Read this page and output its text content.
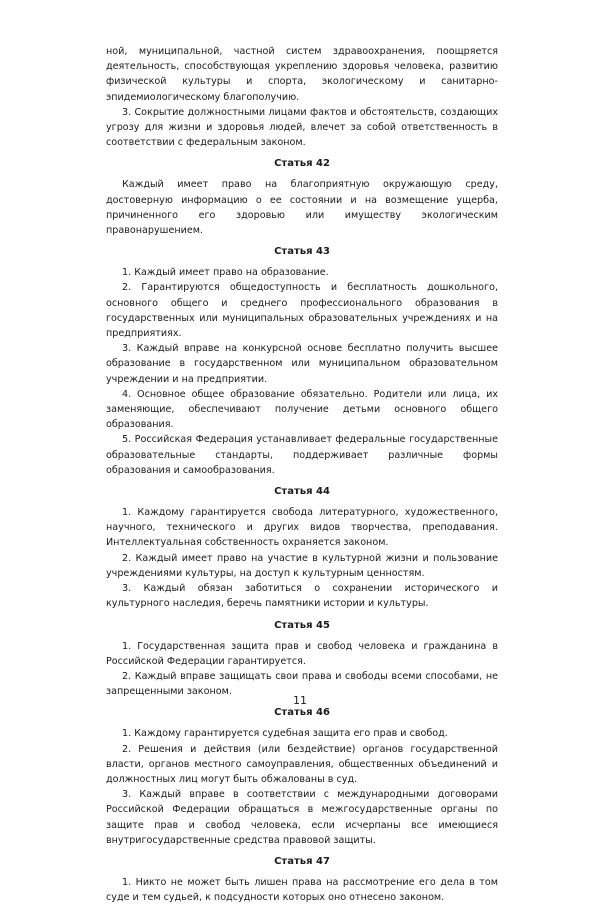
ной, муниципальной, частной систем здравоохранения, поощряется деятельность, способствующая укреплению здоровья человека, развитию физической культуры и спорта, экологическому и санитарно-эпидемиологическому благополучию.

3. Сокрытие должностными лицами фактов и обстоятельств, создающих угрозу для жизни и здоровья людей, влечет за собой ответственность в соответствии с федеральным законом.

Статья 42

Каждый имеет право на благоприятную окружающую среду, достоверную информацию о ее состоянии и на возмещение ущерба, причиненного его здоровью или имуществу экологическим правонарушением.

Статья 43

1. Каждый имеет право на образование.

2. Гарантируются общедоступность и бесплатность дошкольного, основного общего и среднего профессионального образования в государственных или муниципальных образовательных учреждениях и на предприятиях.

3. Каждый вправе на конкурсной основе бесплатно получить высшее образование в государственном или муниципальном образовательном учреждении и на предприятии.

4. Основное общее образование обязательно. Родители или лица, их заменяющие, обеспечивают получение детьми основного общего образования.

5. Российская Федерация устанавливает федеральные государственные образовательные стандарты, поддерживает различные формы образования и самообразования.

Статья 44

1. Каждому гарантируется свобода литературного, художественного, научного, технического и других видов творчества, преподавания. Интеллектуальная собственность охраняется законом.

2. Каждый имеет право на участие в культурной жизни и пользование учреждениями культуры, на доступ к культурным ценностям.

3. Каждый обязан заботиться о сохранении исторического и культурного наследия, беречь памятники истории и культуры.

Статья 45

1. Государственная защита прав и свобод человека и гражданина в Российской Федерации гарантируется.

2. Каждый вправе защищать свои права и свободы всеми способами, не запрещенными законом.

Статья 46

1. Каждому гарантируется судебная защита его прав и свобод.

2. Решения и действия (или бездействие) органов государственной власти, органов местного самоуправления, общественных объединений и должностных лиц могут быть обжалованы в суд.

3. Каждый вправе в соответствии с международными договорами Российской Федерации обращаться в межгосударственные органы по защите прав и свобод человека, если исчерпаны все имеющиеся внутригосударственные средства правовой защиты.

Статья 47

1. Никто не может быть лишен права на рассмотрение его дела в том суде и тем судьей, к подсудности которых оно отнесено законом.

11
